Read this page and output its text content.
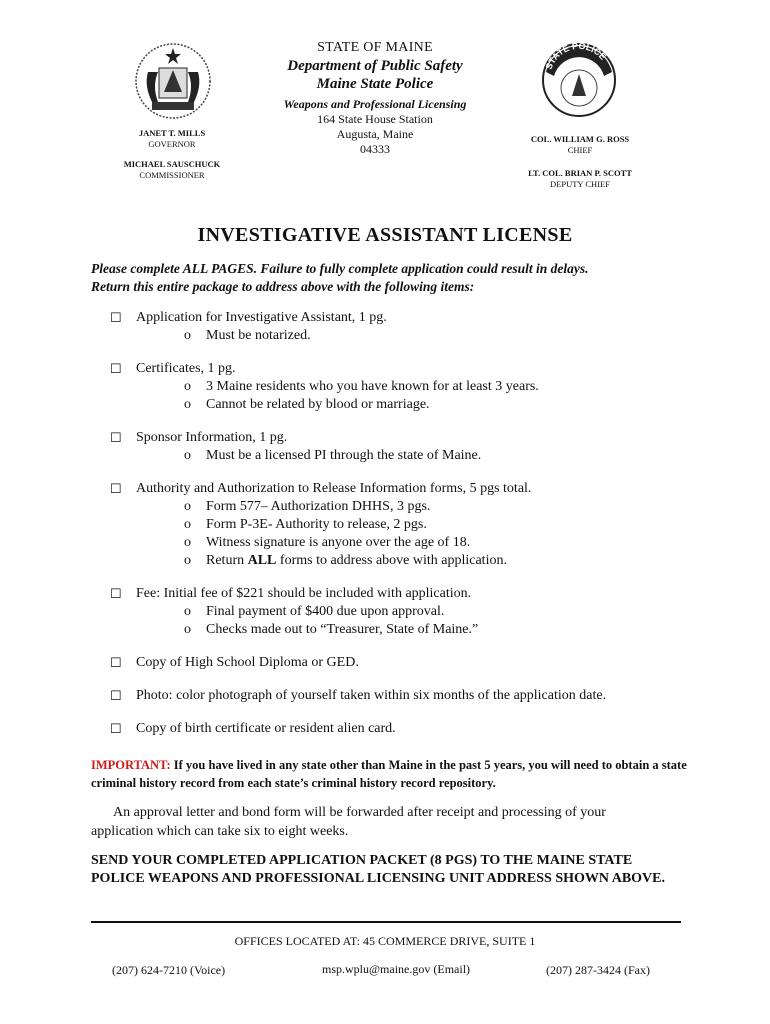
STATE OF MAINE
Department of Public Safety
Maine State Police
Weapons and Professional Licensing
164 State House Station
Augusta, Maine
04333
JANET T. MILLS
GOVERNOR
MICHAEL SAUSCHUCK
COMMISSIONER
STATE POLICE
COL. WILLIAM G. ROSS
CHIEF
LT. COL. BRIAN P. SCOTT
DEPUTY CHIEF
INVESTIGATIVE ASSISTANT LICENSE
Please complete ALL PAGES. Failure to fully complete application could result in delays.
Return this entire package to address above with the following items:
☐ Application for Investigative Assistant, 1 pg.
o Must be notarized.
☐ Certificates, 1 pg.
o 3 Maine residents who you have known for at least 3 years.
o Cannot be related by blood or marriage.
☐ Sponsor Information, 1 pg.
o Must be a licensed PI through the state of Maine.
☐ Authority and Authorization to Release Information forms, 5 pgs total.
o Form 577– Authorization DHHS, 3 pgs.
o Form P-3E- Authority to release, 2 pgs.
o Witness signature is anyone over the age of 18.
o Return ALL forms to address above with application.
☐ Fee: Initial fee of $221 should be included with application.
o Final payment of $400 due upon approval.
o Checks made out to “Treasurer, State of Maine.”
☐ Copy of High School Diploma or GED.
☐ Photo: color photograph of yourself taken within six months of the application date.
☐ Copy of birth certificate or resident alien card.
IMPORTANT: If you have lived in any state other than Maine in the past 5 years, you will need to obtain a state criminal history record from each state’s criminal history record repository.
An approval letter and bond form will be forwarded after receipt and processing of your application which can take six to eight weeks.
SEND YOUR COMPLETED APPLICATION PACKET (8 PGS) TO THE MAINE STATE POLICE WEAPONS AND PROFESSIONAL LICENSING UNIT ADDRESS SHOWN ABOVE.
OFFICES LOCATED AT: 45 COMMERCE DRIVE, SUITE 1
(207) 624-7210 (Voice)	msp.wplu@maine.gov (Email)	(207) 287-3424 (Fax)
